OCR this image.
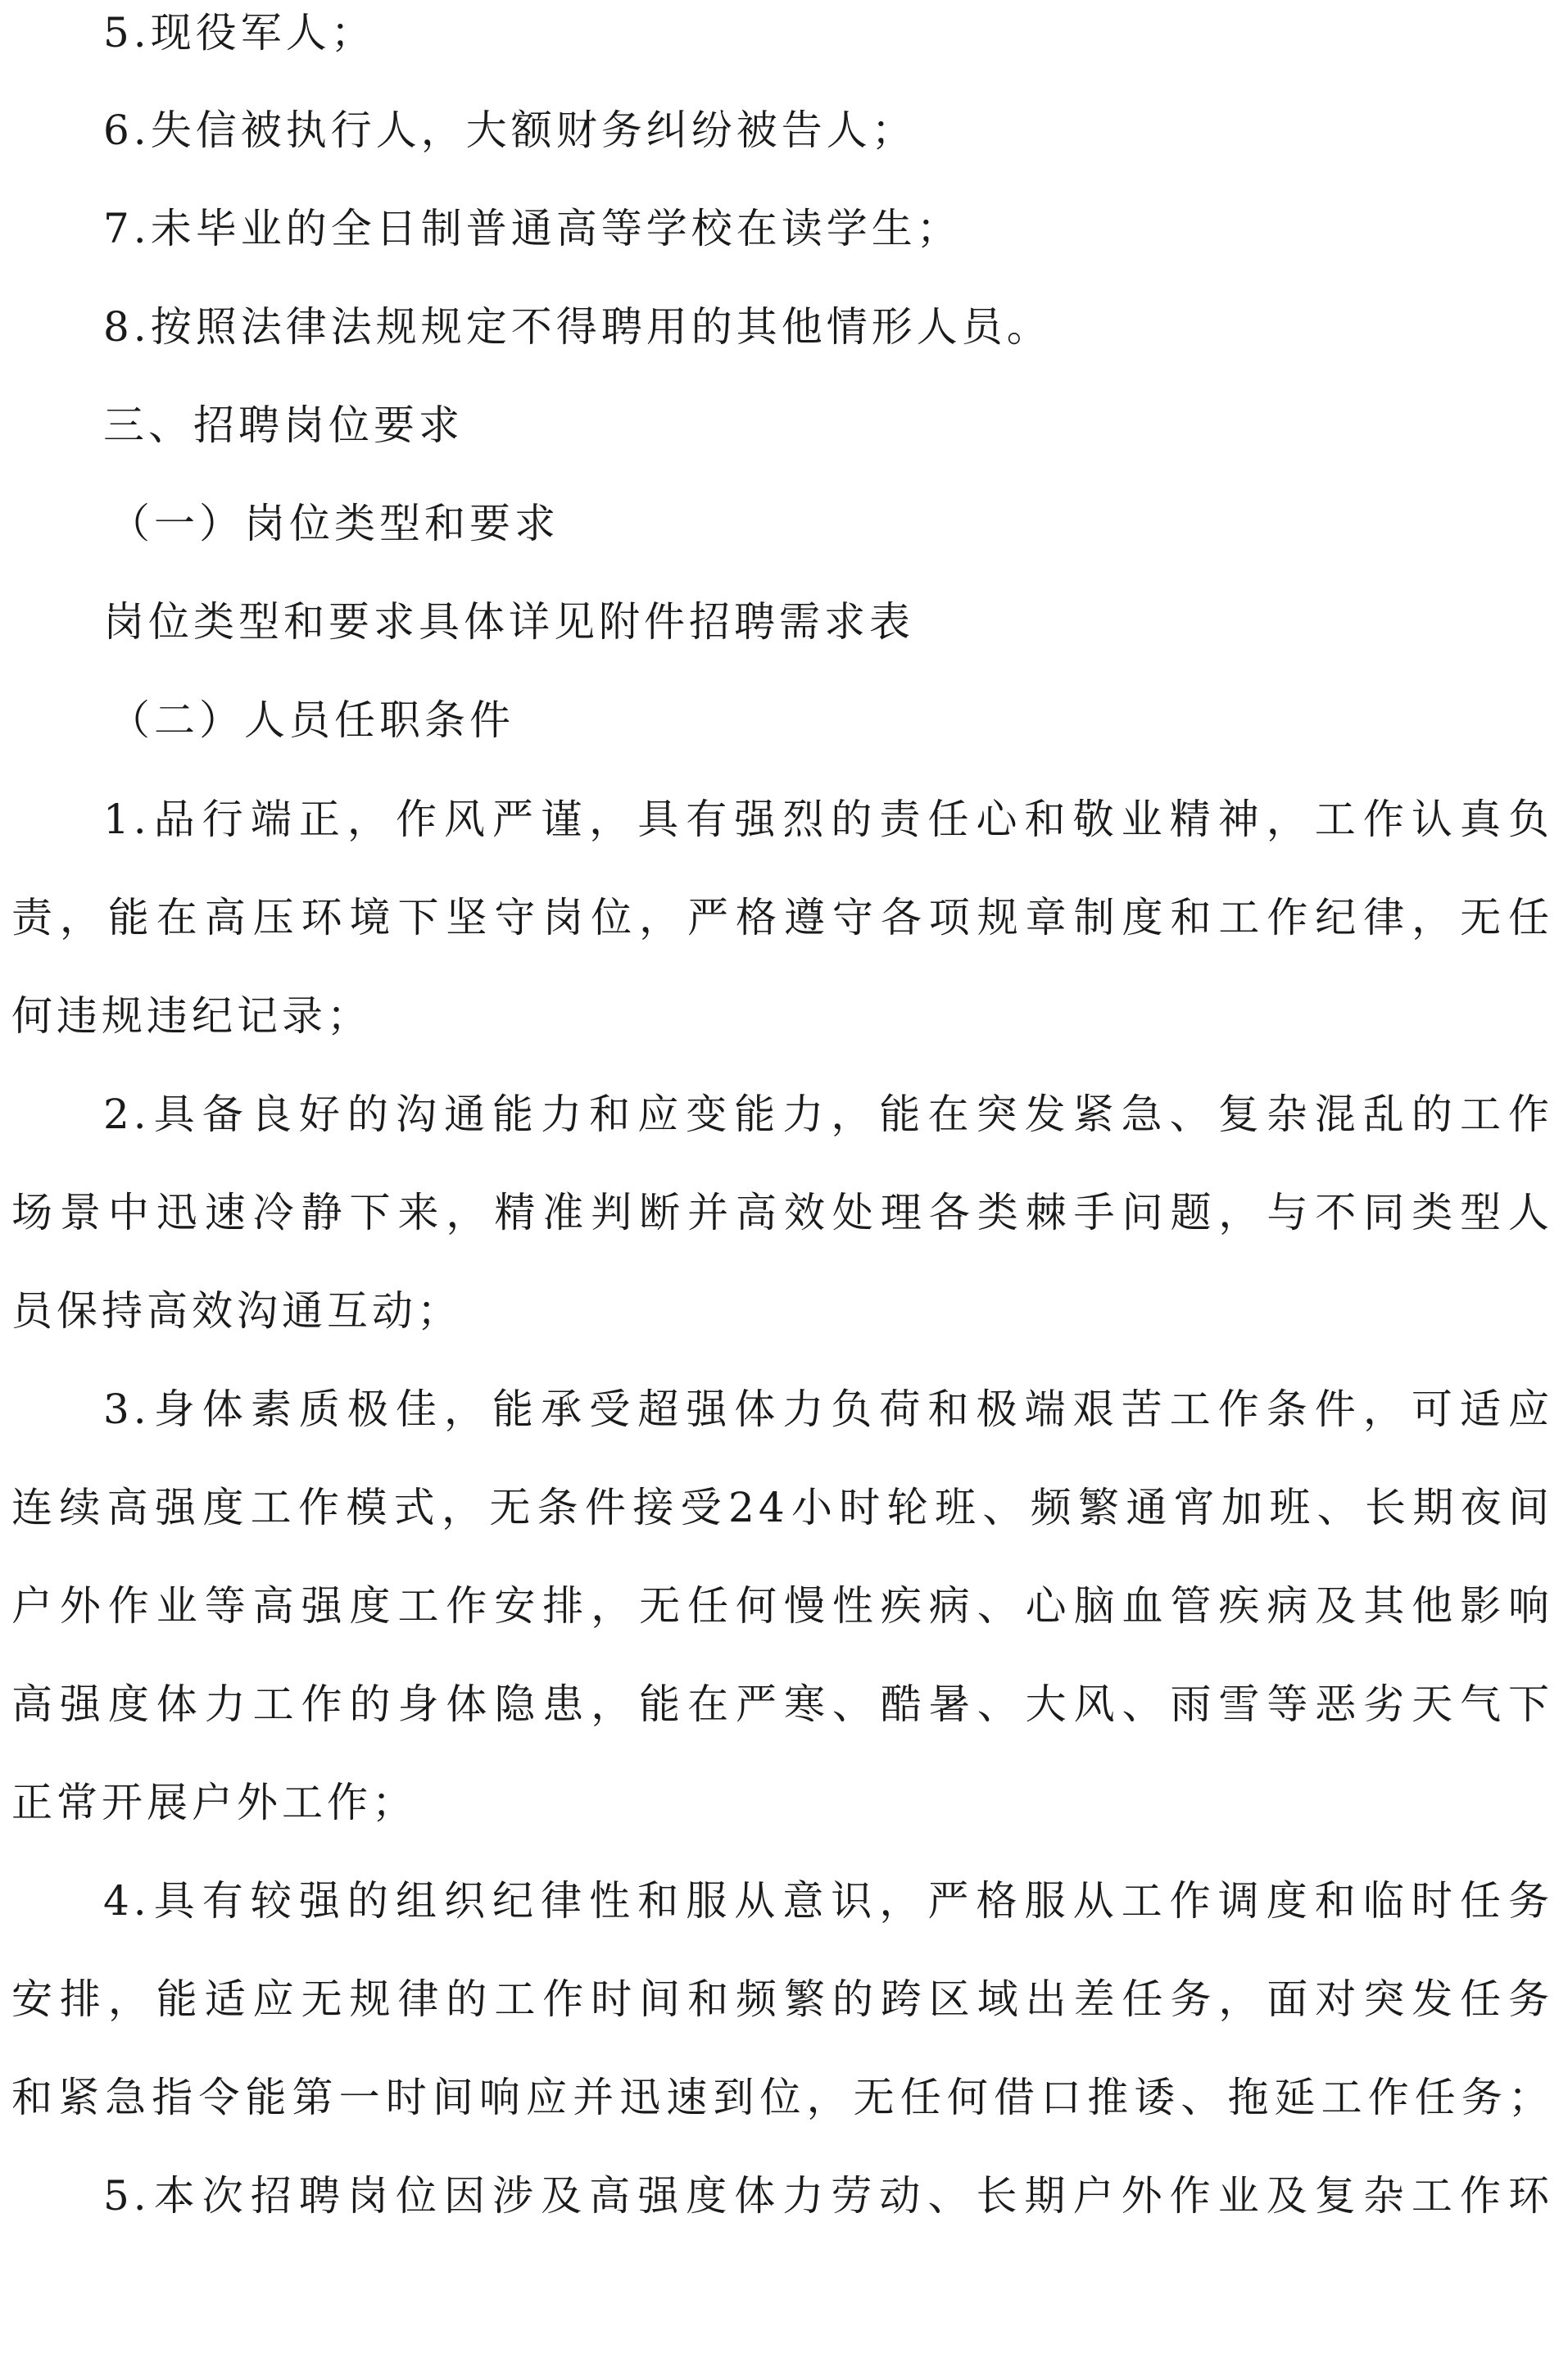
5.现役军人；
6.失信被执行人，大额财务纠纷被告人；
7.未毕业的全日制普通高等学校在读学生；
8.按照法律法规规定不得聘用的其他情形人员。
三、招聘岗位要求
（一）岗位类型和要求
岗位类型和要求具体详见附件招聘需求表
（二）人员任职条件
1.品行端正，作风严谨，具有强烈的责任心和敬业精神，工作认真负
责，能在高压环境下坚守岗位，严格遵守各项规章制度和工作纪律，无任
何违规违纪记录；
2.具备良好的沟通能力和应变能力，能在突发紧急、复杂混乱的工作
场景中迅速冷静下来，精准判断并高效处理各类棘手问题，与不同类型人
员保持高效沟通互动；
3.身体素质极佳，能承受超强体力负荷和极端艰苦工作条件，可适应
连续高强度工作模式，无条件接受24小时轮班、频繁通宵加班、长期夜间
户外作业等高强度工作安排，无任何慢性疾病、心脑血管疾病及其他影响
高强度体力工作的身体隐患，能在严寒、酷暑、大风、雨雪等恶劣天气下
正常开展户外工作；
4.具有较强的组织纪律性和服从意识，严格服从工作调度和临时任务
安排，能适应无规律的工作时间和频繁的跨区域出差任务，面对突发任务
和紧急指令能第一时间响应并迅速到位，无任何借口推诿、拖延工作任务；
5.本次招聘岗位因涉及高强度体力劳动、长期户外作业及复杂工作环
